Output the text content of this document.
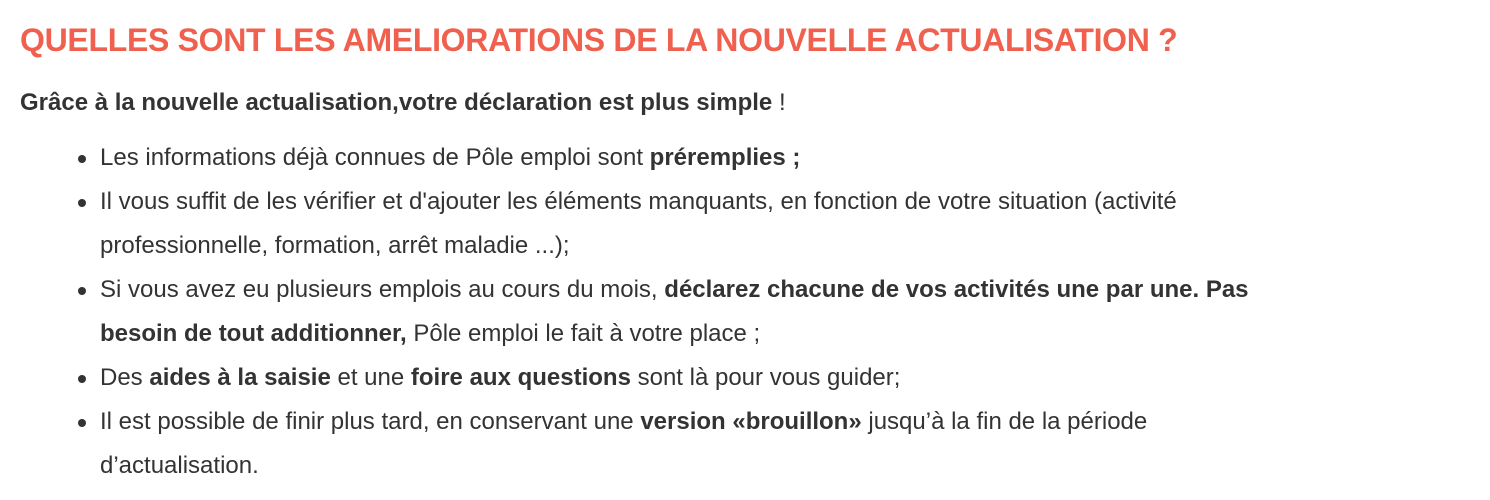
QUELLES SONT LES AMELIORATIONS DE LA NOUVELLE ACTUALISATION ?

Grâce à la nouvelle actualisation,votre déclaration est plus simple !

Les informations déjà connues de Pôle emploi sont préremplies ;
Il vous suffit de les vérifier et d'ajouter les éléments manquants, en fonction de votre situation (activité
professionnelle, formation, arrêt maladie ...);
Si vous avez eu plusieurs emplois au cours du mois, déclarez chacune de vos activités une par une. Pas
besoin de tout additionner, Pôle emploi le fait à votre place ;
Des aides à la saisie et une foire aux questions sont là pour vous guider;
Il est possible de finir plus tard, en conservant une version «brouillon» jusqu’à la fin de la période
d’actualisation.
